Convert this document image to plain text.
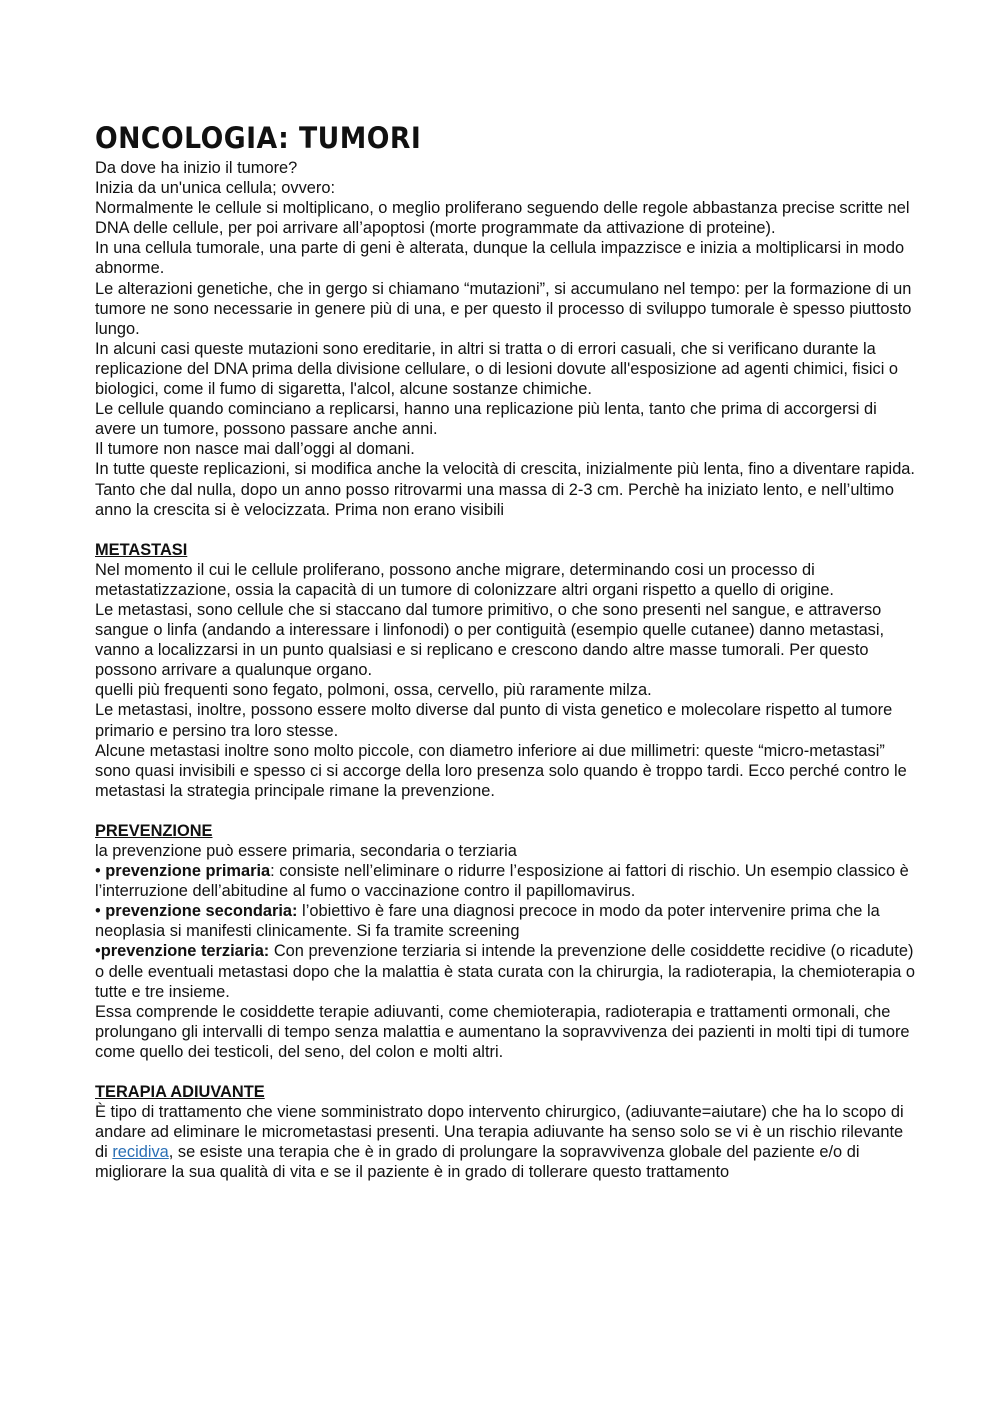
ONCOLOGIA: TUMORI

Da dove ha inizio il tumore?

Inizia da un'unica cellula; ovvero:

Normalmente le cellule si moltiplicano, o meglio proliferano seguendo delle regole abbastanza precise scritte nel DNA delle cellule, per poi arrivare all’apoptosi (morte programmate da attivazione di proteine).

In una cellula tumorale, una parte di geni è alterata, dunque la cellula impazzisce e inizia a moltiplicarsi in modo abnorme.

Le alterazioni genetiche, che in gergo si chiamano “mutazioni”, si accumulano nel tempo: per la formazione di un tumore ne sono necessarie in genere più di una, e per questo il processo di sviluppo tumorale è spesso piuttosto lungo.

In alcuni casi queste mutazioni sono ereditarie, in altri si tratta o di errori casuali, che si verificano durante la replicazione del DNA prima della divisione cellulare, o di lesioni dovute all'esposizione ad agenti chimici, fisici o biologici, come il fumo di sigaretta, l'alcol, alcune sostanze chimiche.

Le cellule quando cominciano a replicarsi, hanno una replicazione più lenta, tanto che prima di accorgersi di avere un tumore, possono passare anche anni.

Il tumore non nasce mai dall’oggi al domani.

In tutte queste replicazioni, si modifica anche la velocità di crescita, inizialmente più lenta, fino a diventare rapida.

Tanto che dal nulla, dopo un anno posso ritrovarmi una massa di 2-3 cm. Perchè ha iniziato lento, e nell’ultimo anno la crescita si è velocizzata. Prima non erano visibili

METASTASI

Nel momento il cui le cellule proliferano, possono anche migrare, determinando cosi un processo di metastatizzazione, ossia la capacità di un tumore di colonizzare altri organi rispetto a quello di origine.

Le metastasi, sono cellule che si staccano dal tumore primitivo, o che sono presenti nel sangue, e attraverso sangue o linfa (andando a interessare i linfonodi) o per contiguità (esempio quelle cutanee) danno metastasi, vanno a localizzarsi in un punto qualsiasi e si replicano e crescono dando altre masse tumorali. Per questo possono arrivare a qualunque organo.

quelli più frequenti sono fegato, polmoni, ossa, cervello, più raramente milza.

Le metastasi, inoltre, possono essere molto diverse dal punto di vista genetico e molecolare rispetto al tumore primario e persino tra loro stesse.

Alcune metastasi inoltre sono molto piccole, con diametro inferiore ai due millimetri: queste “micro-metastasi” sono quasi invisibili e spesso ci si accorge della loro presenza solo quando è troppo tardi. Ecco perché contro le metastasi la strategia principale rimane la prevenzione.

PREVENZIONE

la prevenzione può essere primaria, secondaria o terziaria

• prevenzione primaria: consiste nell’eliminare o ridurre l’esposizione ai fattori di rischio. Un esempio classico è l’interruzione dell’abitudine al fumo o vaccinazione contro il papillomavirus.

• prevenzione secondaria: l’obiettivo è fare una diagnosi precoce in modo da poter intervenire prima che la neoplasia si manifesti clinicamente. Si fa tramite screening

•prevenzione terziaria: Con prevenzione terziaria si intende la prevenzione delle cosiddette recidive (o ricadute) o delle eventuali metastasi dopo che la malattia è stata curata con la chirurgia, la radioterapia, la chemioterapia o tutte e tre insieme.

Essa comprende le cosiddette terapie adiuvanti, come chemioterapia, radioterapia e trattamenti ormonali, che prolungano gli intervalli di tempo senza malattia e aumentano la sopravvivenza dei pazienti in molti tipi di tumore come quello dei testicoli, del seno, del colon e molti altri.

TERAPIA ADIUVANTE

È tipo di trattamento che viene somministrato dopo intervento chirurgico, (adiuvante=aiutare) che ha lo scopo di andare ad eliminare le micrometastasi presenti. Una terapia adiuvante ha senso solo se vi è un rischio rilevante di recidiva, se esiste una terapia che è in grado di prolungare la sopravvivenza globale del paziente e/o di migliorare la sua qualità di vita e se il paziente è in grado di tollerare questo trattamento
